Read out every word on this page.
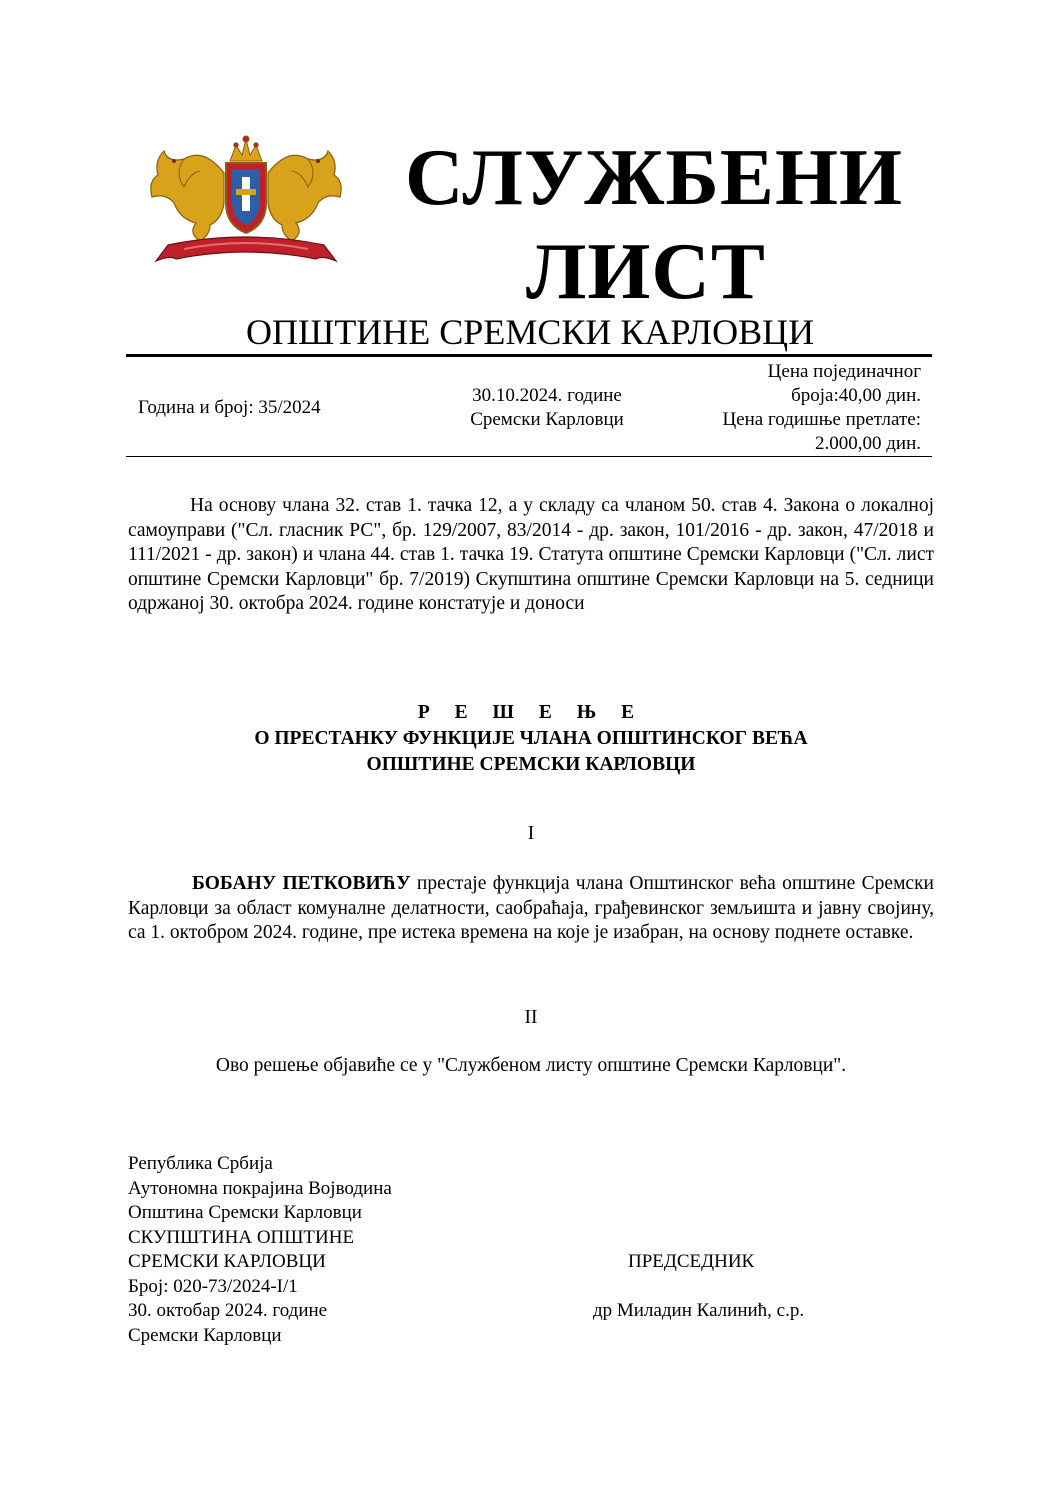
СЛУЖБЕНИ
ЛИСТ
ОПШТИНЕ СРЕМСКИ КАРЛОВЦИ
Година и број: 35/2024
30.10.2024. године
Сремски Карловци
Цена појединачног
броја:40,00 дин.
Цена годишње претлате:
2.000,00 дин.
На основу члана 32. став 1. тачка 12, а у складу са чланом 50. став 4. Закона о локалној самоуправи ("Сл. гласник РС", бр. 129/2007, 83/2014 - др. закон, 101/2016 - др. закон, 47/2018 и 111/2021 - др. закон) и члана 44. став 1. тачка 19. Статута општине Сремски Карловци ("Сл. лист општине Сремски Карловци" бр. 7/2019) Скупштина општине Сремски Карловци на 5. седници одржаној 30. октобра 2024. године констатује и доноси
Р Е Ш Е Њ Е
О ПРЕСТАНКУ ФУНКЦИЈЕ ЧЛАНА ОПШТИНСКОГ ВЕЋА
ОПШТИНЕ СРЕМСКИ КАРЛОВЦИ
I
БОБАНУ ПЕТКОВИЋУ престаје функција члана Општинског већа општине Сремски Карловци за област комуналне делатности, саобраћаја, грађевинског земљишта и јавну својину, са 1. октобром 2024. године, пре истека времена на које је изабран, на основу поднете оставке.
II
Ово решење објавиће се у "Службеном листу општине Сремски Карловци".
Република Србија
Аутономна покрајина Војводина
Општина Сремски Карловци
СКУПШТИНА ОПШТИНЕ
СРЕМСКИ КАРЛОВЦИ
Број: 020-73/2024-I/1
30. oктобар 2024. године
Сремски Карловци
ПРЕДСЕДНИК
др Миладин Калинић, с.р.
